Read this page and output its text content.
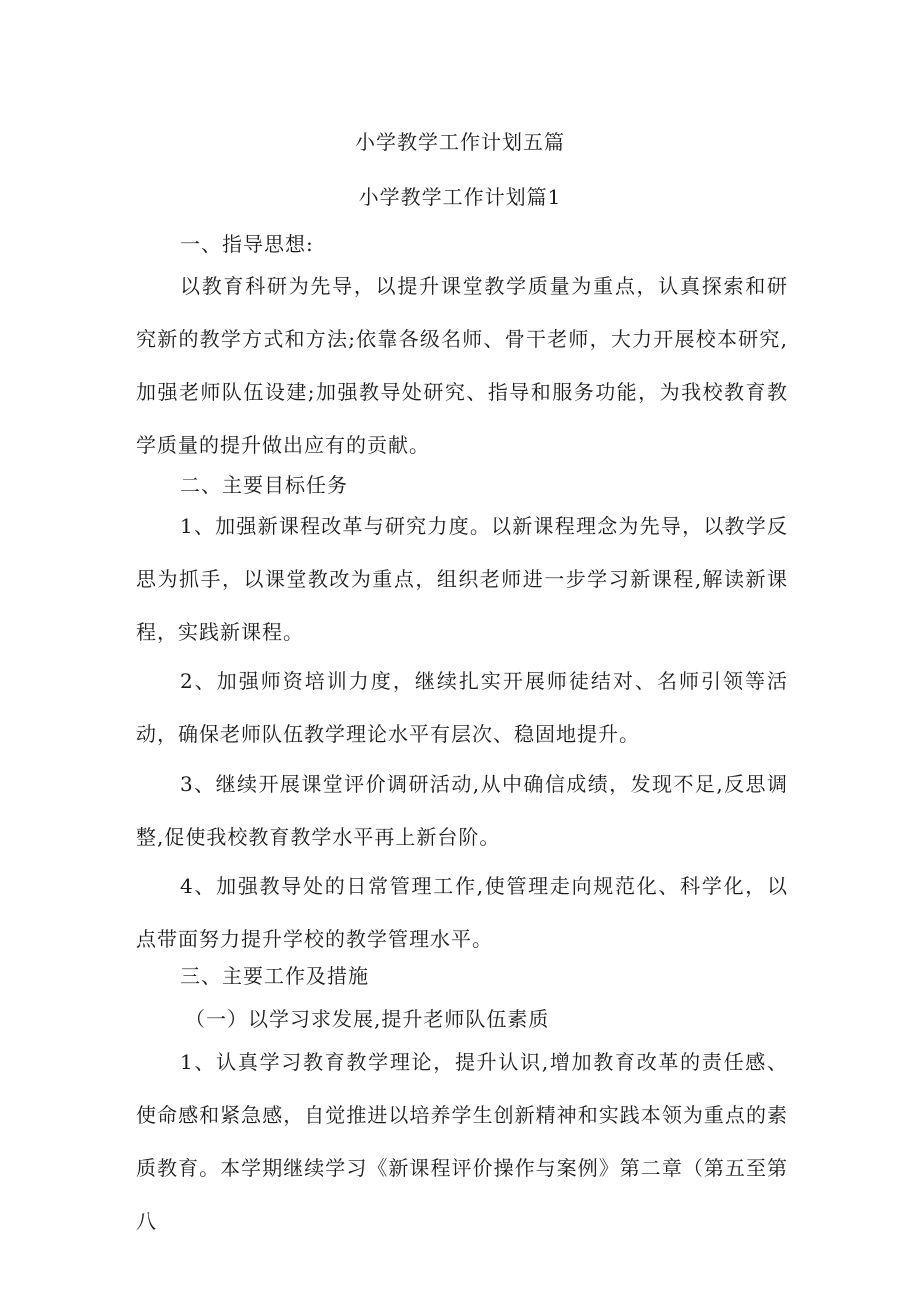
小学教学工作计划五篇
小学教学工作计划篇1
一、指导思想:
以教育科研为先导，以提升课堂教学质量为重点，认真探索和研究新的教学方式和方法;依靠各级名师、骨干老师，大力开展校本研究,加强老师队伍设建;加强教导处研究、指导和服务功能，为我校教育教学质量的提升做出应有的贡献。
二、主要目标任务
1、加强新课程改革与研究力度。以新课程理念为先导，以教学反思为抓手，以课堂教改为重点，组织老师进一步学习新课程,解读新课程，实践新课程。
2、加强师资培训力度，继续扎实开展师徒结对、名师引领等活动，确保老师队伍教学理论水平有层次、稳固地提升。
3、继续开展课堂评价调研活动,从中确信成绩，发现不足,反思调整,促使我校教育教学水平再上新台阶。
4、加强教导处的日常管理工作,使管理走向规范化、科学化，以点带面努力提升学校的教学管理水平。
三、主要工作及措施
（一）以学习求发展,提升老师队伍素质
1、认真学习教育教学理论，提升认识,增加教育改革的责任感、使命感和紧急感，自觉推进以培养学生创新精神和实践本领为重点的素质教育。本学期继续学习《新课程评价操作与案例》第二章（第五至第八
